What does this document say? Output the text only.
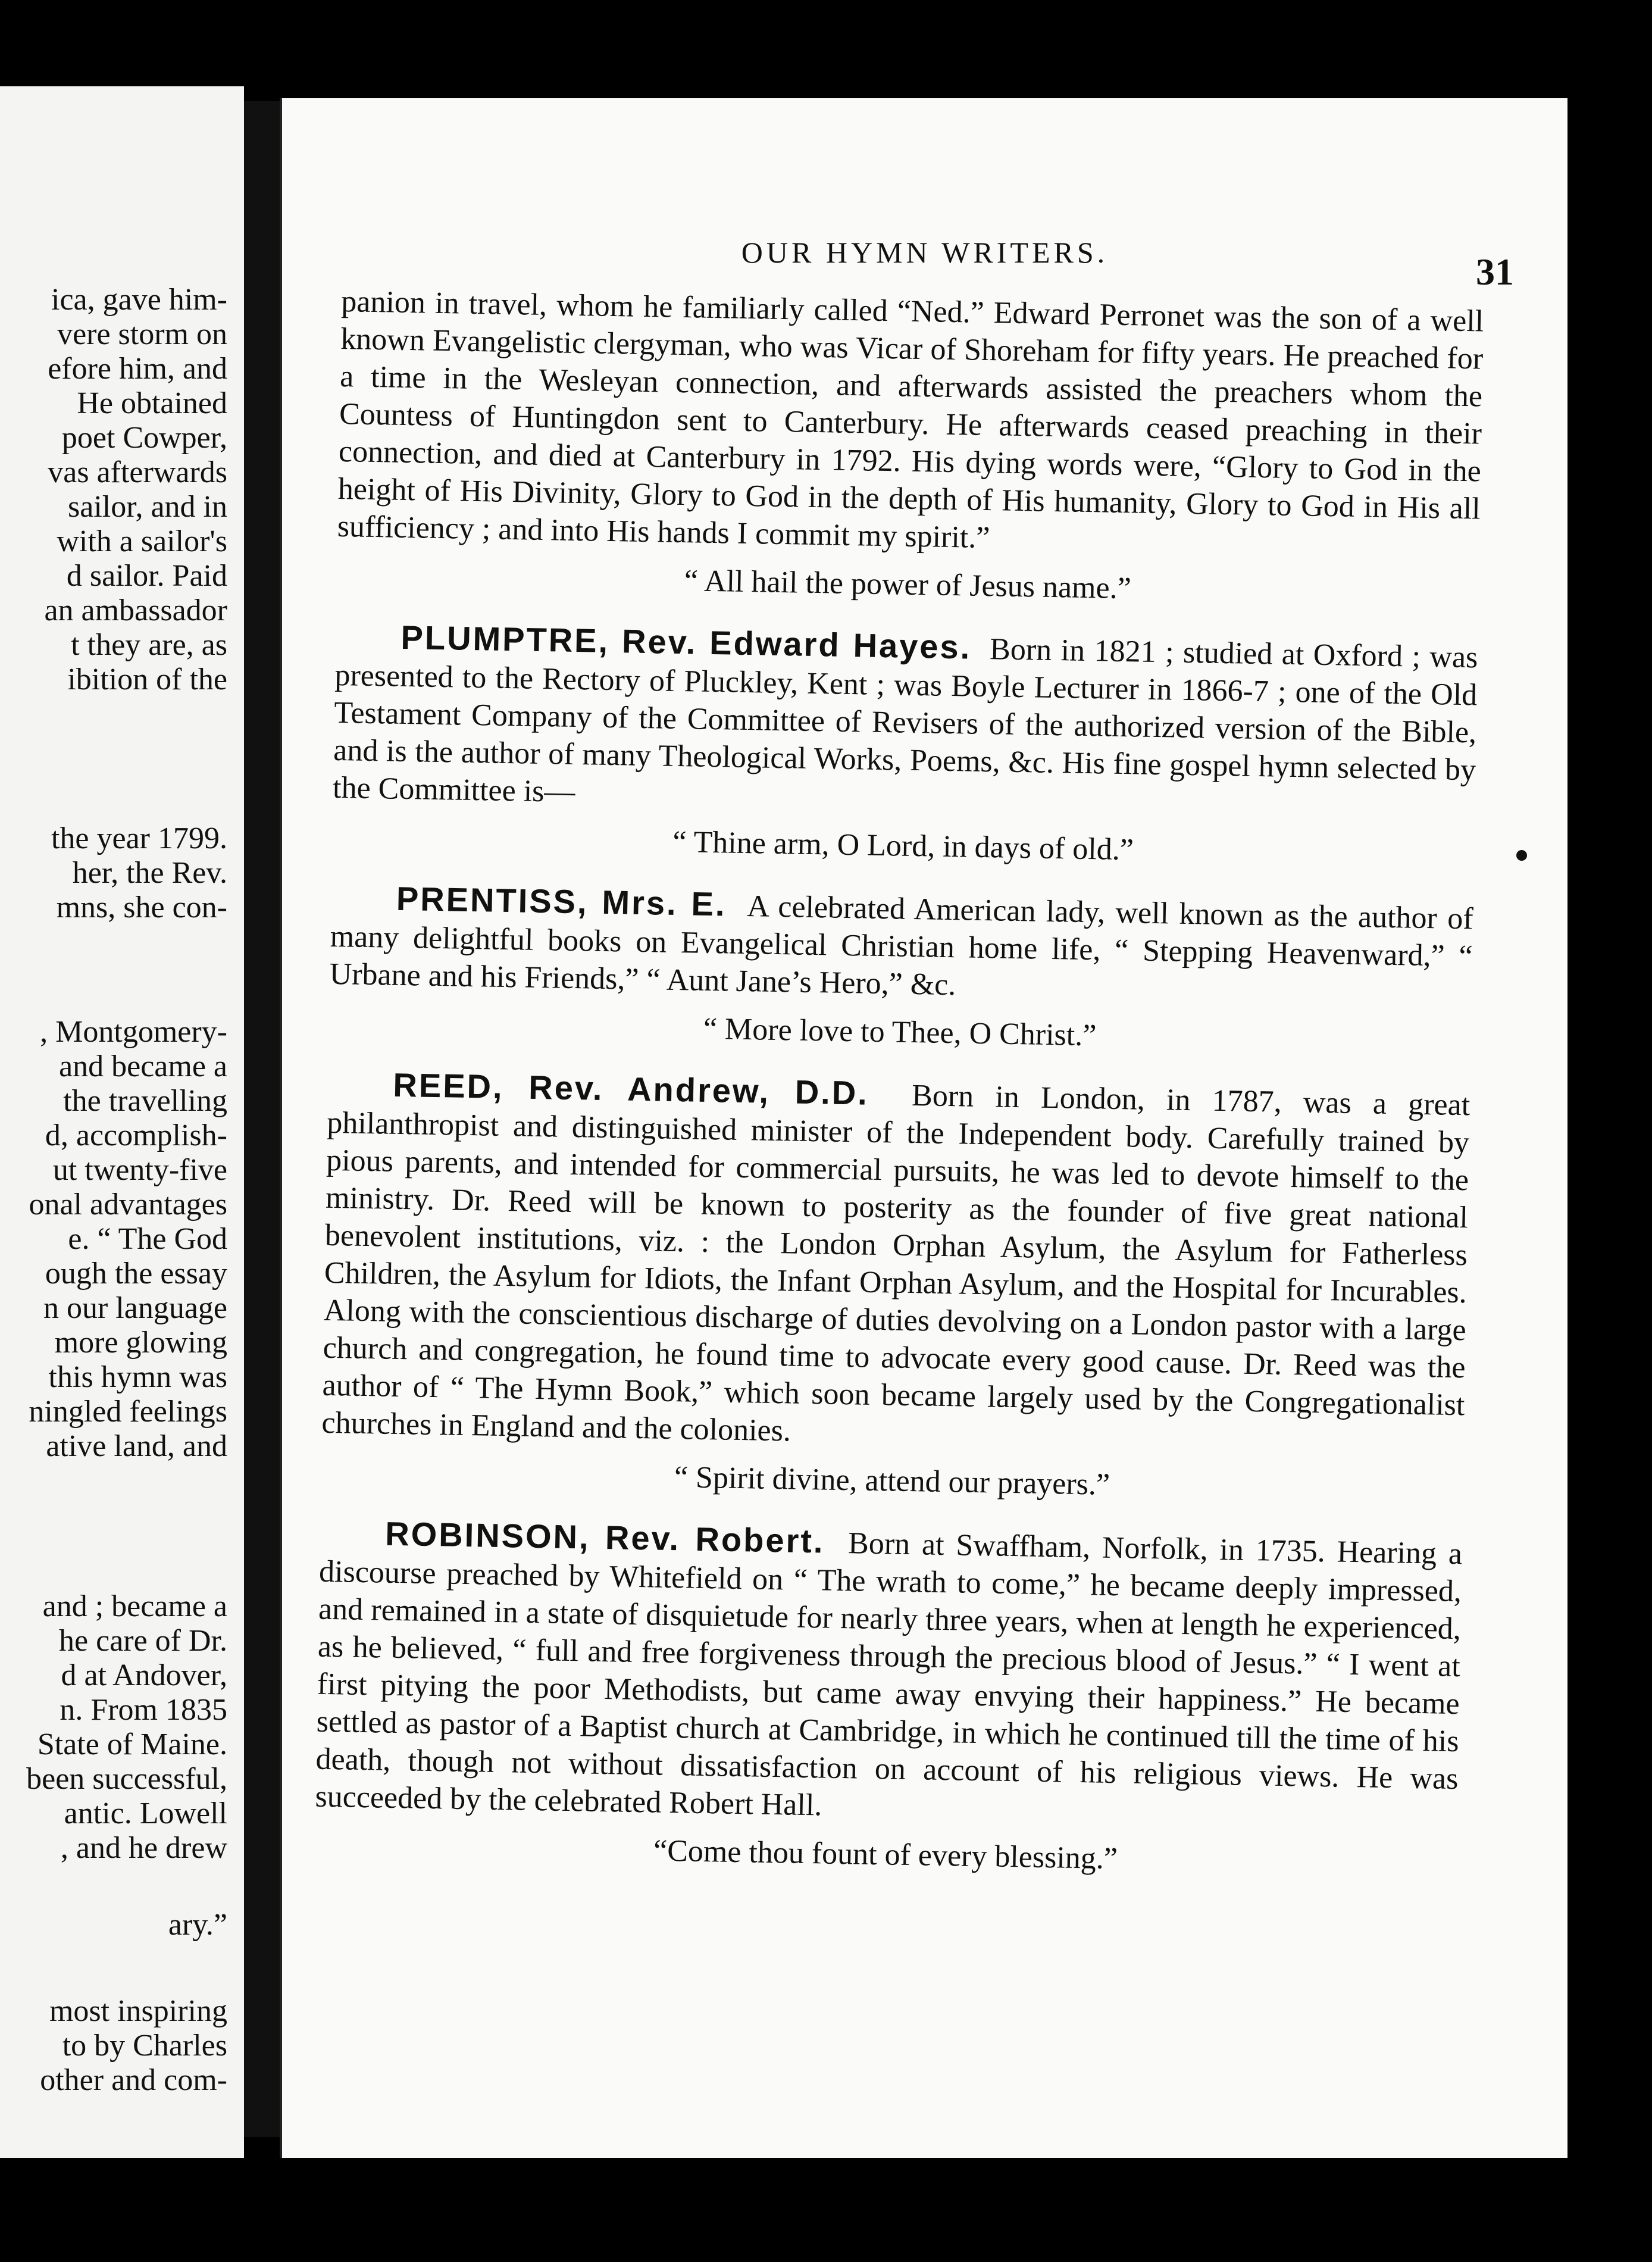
ica, gave him-
vere storm on
efore him, and
He obtained
poet Cowper,
vas afterwards
sailor, and in
with a sailor's
d sailor. Paid
an ambassador
t they are, as
ibition of the
the year 1799.
her, the Rev.
mns, she con-
, Montgomery-
and became a
the travelling
d, accomplish-
ut twenty-five
onal advantages
e. “ The God
ough the essay
n our language
more glowing
this hymn was
ningled feelings
ative land, and
and ; became a
he care of Dr.
d at Andover,
n. From 1835
State of Maine.
been successful,
antic. Lowell
, and he drew
ary.”
most inspiring
to by Charles
other and com-
OUR HYMN WRITERS.	31

panion in travel, whom he familiarly called “Ned.” Edward Perronet was the son of a well known Evangelistic clergyman, who was Vicar of Shoreham for fifty years. He preached for a time in the Wesleyan connection, and afterwards assisted the preachers whom the Countess of Huntingdon sent to Canterbury. He afterwards ceased preaching in their connection, and died at Canterbury in 1792. His dying words were, “Glory to God in the height of His Divinity, Glory to God in the depth of His humanity, Glory to God in His all sufficiency ; and into His hands I commit my spirit.”

“ All hail the power of Jesus name.”

PLUMPTRE, Rev. Edward Hayes. Born in 1821 ; studied at Oxford ; was presented to the Rectory of Pluckley, Kent ; was Boyle Lecturer in 1866-7 ; one of the Old Testament Company of the Committee of Revisers of the authorized version of the Bible, and is the author of many Theological Works, Poems, &c. His fine gospel hymn selected by the Committee is—

“ Thine arm, O Lord, in days of old.”

PRENTISS, Mrs. E. A celebrated American lady, well known as the author of many delightful books on Evangelical Christian home life, “ Stepping Heavenward,” “ Urbane and his Friends,” “ Aunt Jane’s Hero,” &c.

“ More love to Thee, O Christ.”

REED, Rev. Andrew, D.D. Born in London, in 1787, was a great philanthropist and distinguished minister of the Independent body. Carefully trained by pious parents, and intended for commercial pursuits, he was led to devote himself to the ministry. Dr. Reed will be known to posterity as the founder of five great national benevolent institutions, viz. : the London Orphan Asylum, the Asylum for Fatherless Children, the Asylum for Idiots, the Infant Orphan Asylum, and the Hospital for Incurables. Along with the conscientious discharge of duties devolving on a London pastor with a large church and congregation, he found time to advocate every good cause. Dr. Reed was the author of “ The Hymn Book,” which soon became largely used by the Congregationalist churches in England and the colonies.

“ Spirit divine, attend our prayers.”

ROBINSON, Rev. Robert. Born at Swaffham, Norfolk, in 1735. Hearing a discourse preached by Whitefield on “ The wrath to come,” he became deeply impressed, and remained in a state of disquietude for nearly three years, when at length he experienced, as he believed, “ full and free forgiveness through the precious blood of Jesus.” “ I went at first pitying the poor Methodists, but came away envying their happiness.” He became settled as pastor of a Baptist church at Cambridge, in which he continued till the time of his death, though not without dissatisfaction on account of his religious views. He was succeeded by the celebrated Robert Hall.

“Come thou fount of every blessing.”
